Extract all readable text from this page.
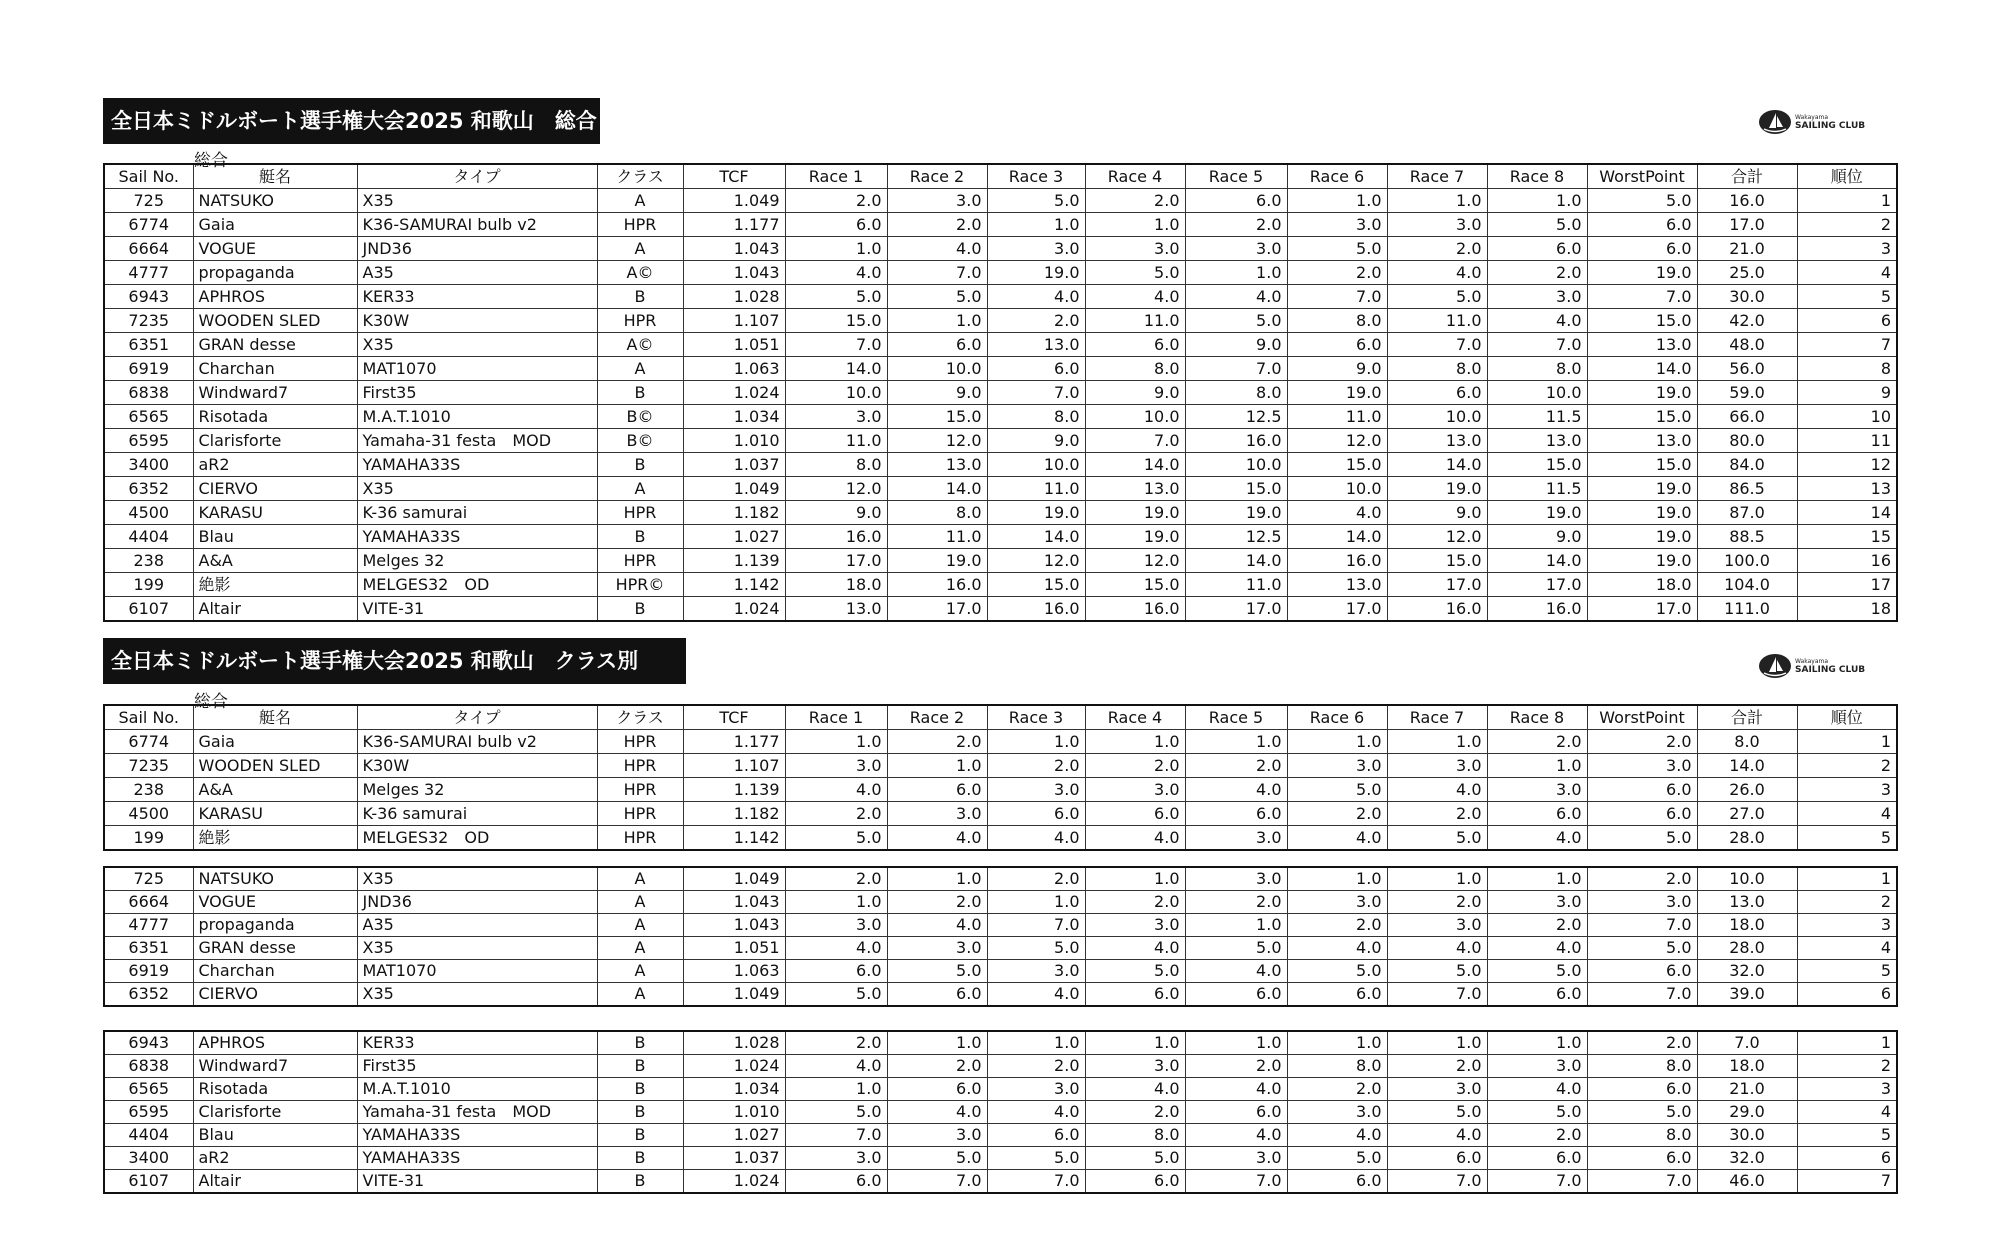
全日本ミドルボート選手権大会2025 和歌山　総合	Wakayama
SAILING CLUB
総合
Sail No.	艇名	タイプ	クラス	TCF	Race 1	Race 2	Race 3	Race 4	Race 5	Race 6	Race 7	Race 8	WorstPoint	合計	順位
725	NATSUKO	X35	A	1.049	2.0	3.0	5.0	2.0	6.0	1.0	1.0	1.0	5.0	16.0	1
6774	Gaia	K36-SAMURAI bulb v2	HPR	1.177	6.0	2.0	1.0	1.0	2.0	3.0	3.0	5.0	6.0	17.0	2
6664	VOGUE	JND36	A	1.043	1.0	4.0	3.0	3.0	3.0	5.0	2.0	6.0	6.0	21.0	3
4777	propaganda	A35	A©	1.043	4.0	7.0	19.0	5.0	1.0	2.0	4.0	2.0	19.0	25.0	4
6943	APHROS	KER33	B	1.028	5.0	5.0	4.0	4.0	4.0	7.0	5.0	3.0	7.0	30.0	5
7235	WOODEN SLED	K30W	HPR	1.107	15.0	1.0	2.0	11.0	5.0	8.0	11.0	4.0	15.0	42.0	6
6351	GRAN desse	X35	A©	1.051	7.0	6.0	13.0	6.0	9.0	6.0	7.0	7.0	13.0	48.0	7
6919	Charchan	MAT1070	A	1.063	14.0	10.0	6.0	8.0	7.0	9.0	8.0	8.0	14.0	56.0	8
6838	Windward7	First35	B	1.024	10.0	9.0	7.0	9.0	8.0	19.0	6.0	10.0	19.0	59.0	9
6565	Risotada	M.A.T.1010	B©	1.034	3.0	15.0	8.0	10.0	12.5	11.0	10.0	11.5	15.0	66.0	10
6595	Clarisforte	Yamaha-31 festa　MOD	B©	1.010	11.0	12.0	9.0	7.0	16.0	12.0	13.0	13.0	13.0	80.0	11
3400	aR2	YAMAHA33S	B	1.037	8.0	13.0	10.0	14.0	10.0	15.0	14.0	15.0	15.0	84.0	12
6352	CIERVO	X35	A	1.049	12.0	14.0	11.0	13.0	15.0	10.0	19.0	11.5	19.0	86.5	13
4500	KARASU	K-36 samurai	HPR	1.182	9.0	8.0	19.0	19.0	19.0	4.0	9.0	19.0	19.0	87.0	14
4404	Blau	YAMAHA33S	B	1.027	16.0	11.0	14.0	19.0	12.5	14.0	12.0	9.0	19.0	88.5	15
238	A&A	Melges 32	HPR	1.139	17.0	19.0	12.0	12.0	14.0	16.0	15.0	14.0	19.0	100.0	16
199	絶影	MELGES32　OD	HPR©	1.142	18.0	16.0	15.0	15.0	11.0	13.0	17.0	17.0	18.0	104.0	17
6107	Altair	VITE-31	B	1.024	13.0	17.0	16.0	16.0	17.0	17.0	16.0	16.0	17.0	111.0	18
全日本ミドルボート選手権大会2025 和歌山　クラス別	Wakayama
SAILING CLUB
総合
Sail No.	艇名	タイプ	クラス	TCF	Race 1	Race 2	Race 3	Race 4	Race 5	Race 6	Race 7	Race 8	WorstPoint	合計	順位
6774	Gaia	K36-SAMURAI bulb v2	HPR	1.177	1.0	2.0	1.0	1.0	1.0	1.0	1.0	2.0	2.0	8.0	1
7235	WOODEN SLED	K30W	HPR	1.107	3.0	1.0	2.0	2.0	2.0	3.0	3.0	1.0	3.0	14.0	2
238	A&A	Melges 32	HPR	1.139	4.0	6.0	3.0	3.0	4.0	5.0	4.0	3.0	6.0	26.0	3
4500	KARASU	K-36 samurai	HPR	1.182	2.0	3.0	6.0	6.0	6.0	2.0	2.0	6.0	6.0	27.0	4
199	絶影	MELGES32　OD	HPR	1.142	5.0	4.0	4.0	4.0	3.0	4.0	5.0	4.0	5.0	28.0	5
725	NATSUKO	X35	A	1.049	2.0	1.0	2.0	1.0	3.0	1.0	1.0	1.0	2.0	10.0	1
6664	VOGUE	JND36	A	1.043	1.0	2.0	1.0	2.0	2.0	3.0	2.0	3.0	3.0	13.0	2
4777	propaganda	A35	A	1.043	3.0	4.0	7.0	3.0	1.0	2.0	3.0	2.0	7.0	18.0	3
6351	GRAN desse	X35	A	1.051	4.0	3.0	5.0	4.0	5.0	4.0	4.0	4.0	5.0	28.0	4
6919	Charchan	MAT1070	A	1.063	6.0	5.0	3.0	5.0	4.0	5.0	5.0	5.0	6.0	32.0	5
6352	CIERVO	X35	A	1.049	5.0	6.0	4.0	6.0	6.0	6.0	7.0	6.0	7.0	39.0	6
6943	APHROS	KER33	B	1.028	2.0	1.0	1.0	1.0	1.0	1.0	1.0	1.0	2.0	7.0	1
6838	Windward7	First35	B	1.024	4.0	2.0	2.0	3.0	2.0	8.0	2.0	3.0	8.0	18.0	2
6565	Risotada	M.A.T.1010	B	1.034	1.0	6.0	3.0	4.0	4.0	2.0	3.0	4.0	6.0	21.0	3
6595	Clarisforte	Yamaha-31 festa　MOD	B	1.010	5.0	4.0	4.0	2.0	6.0	3.0	5.0	5.0	5.0	29.0	4
4404	Blau	YAMAHA33S	B	1.027	7.0	3.0	6.0	8.0	4.0	4.0	4.0	2.0	8.0	30.0	5
3400	aR2	YAMAHA33S	B	1.037	3.0	5.0	5.0	5.0	3.0	5.0	6.0	6.0	6.0	32.0	6
6107	Altair	VITE-31	B	1.024	6.0	7.0	7.0	6.0	7.0	6.0	7.0	7.0	7.0	46.0	7
